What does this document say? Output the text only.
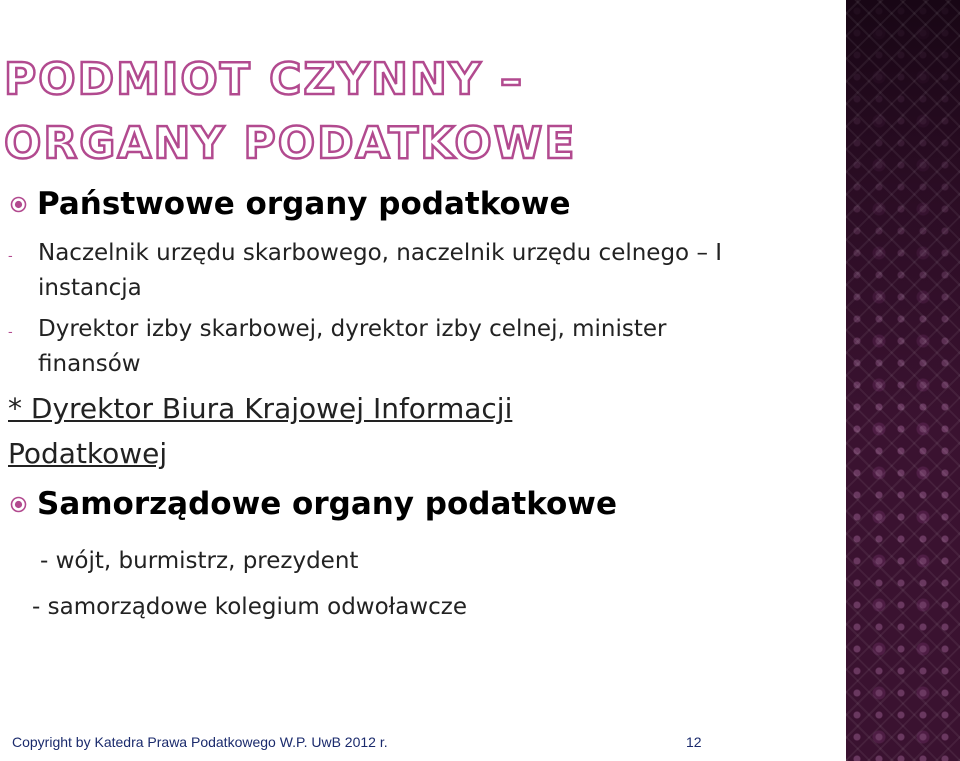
PODMIOT CZYNNY – ORGANY PODATKOWE
Państwowe organy podatkowe
- Naczelnik urzędu skarbowego, naczelnik urzędu celnego – I
instancja
- Dyrektor izby skarbowej, dyrektor izby celnej, minister
finansów
* Dyrektor Biura Krajowej Informacji
Podatkowej
Samorządowe organy podatkowe
- wójt, burmistrz, prezydent
- samorządowe kolegium odwoławcze

Copyright by Katedra Prawa Podatkowego W.P. UwB 2012 r.	12
